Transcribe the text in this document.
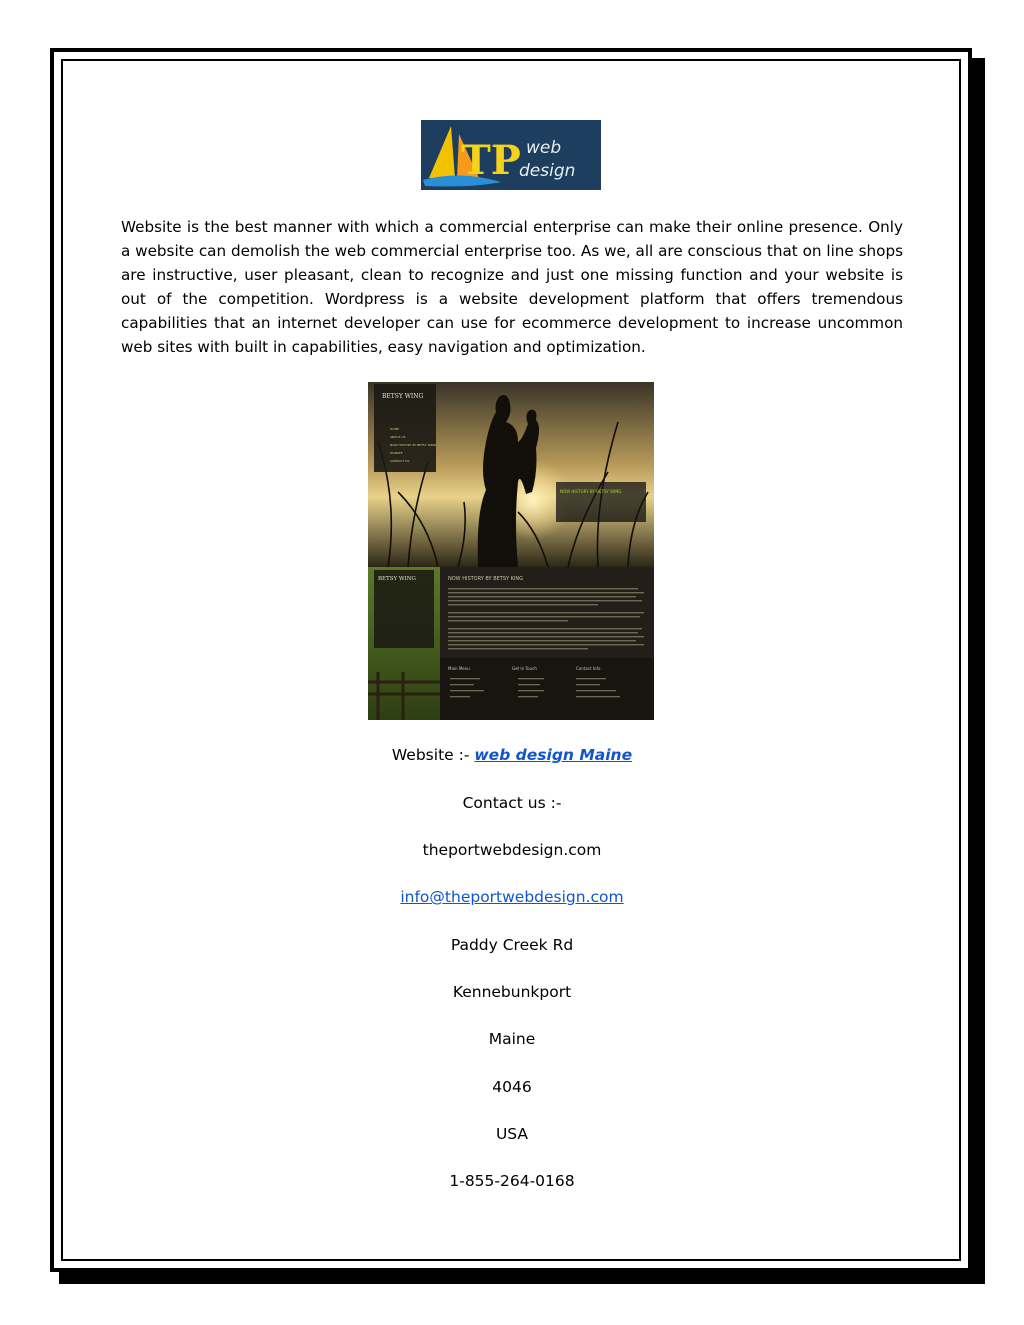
TP web
design

Website is the best manner with which a commercial enterprise can make their online presence. Only a website can demolish the web commercial enterprise too. As we, all are conscious that on line shops are instructive, user pleasant, clean to recognize and just one missing function and your website is out of the competition. Wordpress is a website development platform that offers tremendous capabilities that an internet developer can use for ecommerce development to increase uncommon web sites with built in capabilities, easy navigation and optimization.

BETSY WING
HOME
ABOUT US
NOW HISTORY BY BETSY WING
DONATE
CONTACT US
NOW HISTORY BY BETSY WING
BETSY WING	NOW HISTORY BY BETSY KING
Main Menu	Get In Touch	Contact Info
Website :- web design Maine
Contact us :-
theportwebdesign.com
info@theportwebdesign.com
Paddy Creek Rd
Kennebunkport
Maine
4046
USA
1-855-264-0168
